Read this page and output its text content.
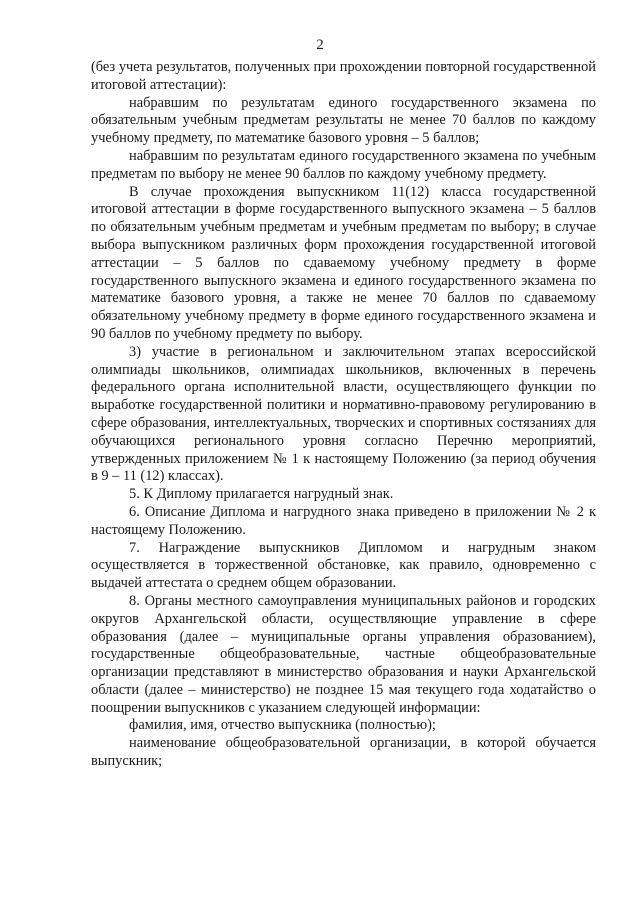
2

(без учета результатов, полученных при прохождении повторной государственной итоговой аттестации):

набравшим по результатам единого государственного экзамена по обязательным учебным предметам результаты не менее 70 баллов по каждому учебному предмету, по математике базового уровня – 5 баллов;

набравшим по результатам единого государственного экзамена по учебным предметам по выбору не менее 90 баллов по каждому учебному предмету.

В случае прохождения выпускником 11(12) класса государственной итоговой аттестации в форме государственного выпускного экзамена – 5 баллов по обязательным учебным предметам и учебным предметам по выбору; в случае выбора выпускником различных форм прохождения государственной итоговой аттестации – 5 баллов по сдаваемому учебному предмету в форме государственного выпускного экзамена и единого государственного экзамена по математике базового уровня, а также не менее 70 баллов по сдаваемому обязательному учебному предмету в форме единого государственного экзамена и 90 баллов по учебному предмету по выбору.

3) участие в региональном и заключительном этапах всероссийской олимпиады школьников, олимпиадах школьников, включенных в перечень федерального органа исполнительной власти, осуществляющего функции по выработке государственной политики и нормативно-правовому регулированию в сфере образования, интеллектуальных, творческих и спортивных состязаниях для обучающихся регионального уровня согласно Перечню мероприятий, утвержденных приложением № 1 к настоящему Положению (за период обучения в 9 – 11 (12) классах).

5. К Диплому прилагается нагрудный знак.

6. Описание Диплома и нагрудного знака приведено в приложении № 2 к настоящему Положению.

7. Награждение выпускников Дипломом и нагрудным знаком осуществляется в торжественной обстановке, как правило, одновременно с выдачей аттестата о среднем общем образовании.

8. Органы местного самоуправления муниципальных районов и городских округов Архангельской области, осуществляющие управление в сфере образования (далее – муниципальные органы управления образованием), государственные общеобразовательные, частные общеобразовательные организации представляют в министерство образования и науки Архангельской области (далее – министерство) не позднее 15 мая текущего года ходатайство о поощрении выпускников с указанием следующей информации:

фамилия, имя, отчество выпускника (полностью);

наименование общеобразовательной организации, в которой обучается выпускник;
